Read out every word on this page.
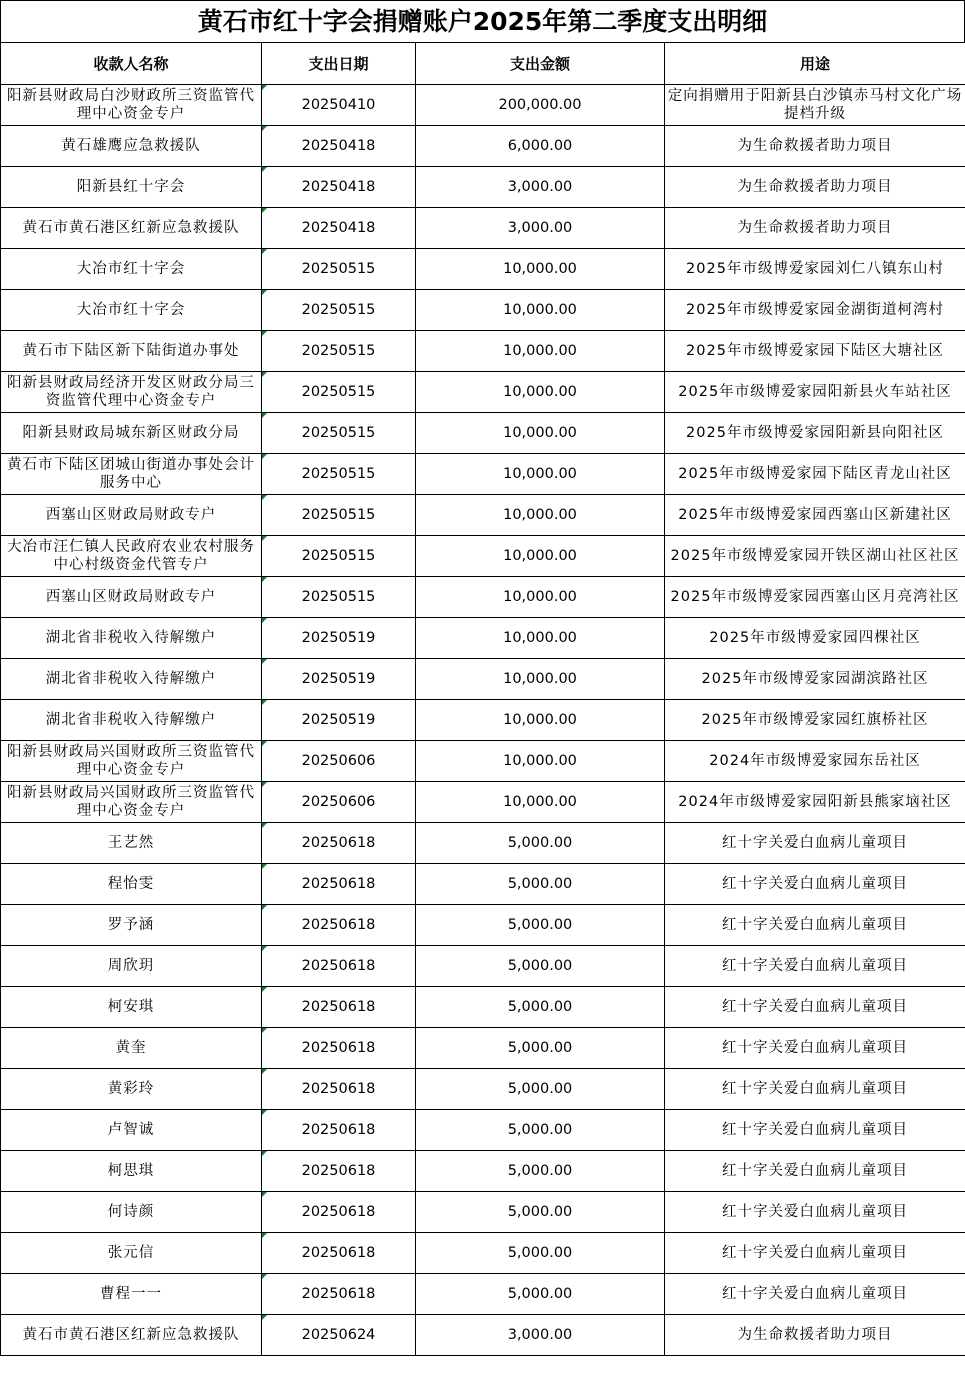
黄石市红十字会捐赠账户2025年第二季度支出明细
收款人名称	支出日期	支出金额	用途
阳新县财政局白沙财政所三资监管代理中心资金专户	20250410	200,000.00	定向捐赠用于阳新县白沙镇赤马村文化广场提档升级
黄石雄鹰应急救援队	20250418	6,000.00	为生命救援者助力项目
阳新县红十字会	20250418	3,000.00	为生命救援者助力项目
黄石市黄石港区红新应急救援队	20250418	3,000.00	为生命救援者助力项目
大冶市红十字会	20250515	10,000.00	2025年市级博爱家园刘仁八镇东山村
大冶市红十字会	20250515	10,000.00	2025年市级博爱家园金湖街道柯湾村
黄石市下陆区新下陆街道办事处	20250515	10,000.00	2025年市级博爱家园下陆区大塘社区
阳新县财政局经济开发区财政分局三资监管代理中心资金专户	20250515	10,000.00	2025年市级博爱家园阳新县火车站社区
阳新县财政局城东新区财政分局	20250515	10,000.00	2025年市级博爱家园阳新县向阳社区
黄石市下陆区团城山街道办事处会计服务中心	20250515	10,000.00	2025年市级博爱家园下陆区青龙山社区
西塞山区财政局财政专户	20250515	10,000.00	2025年市级博爱家园西塞山区新建社区
大冶市汪仁镇人民政府农业农村服务中心村级资金代管专户	20250515	10,000.00	2025年市级博爱家园开铁区湖山社区社区
西塞山区财政局财政专户	20250515	10,000.00	2025年市级博爱家园西塞山区月亮湾社区
湖北省非税收入待解缴户	20250519	10,000.00	2025年市级博爱家园四棵社区
湖北省非税收入待解缴户	20250519	10,000.00	2025年市级博爱家园湖滨路社区
湖北省非税收入待解缴户	20250519	10,000.00	2025年市级博爱家园红旗桥社区
阳新县财政局兴国财政所三资监管代理中心资金专户	20250606	10,000.00	2024年市级博爱家园东岳社区
阳新县财政局兴国财政所三资监管代理中心资金专户	20250606	10,000.00	2024年市级博爱家园阳新县熊家垴社区
王艺然	20250618	5,000.00	红十字关爱白血病儿童项目
程怡雯	20250618	5,000.00	红十字关爱白血病儿童项目
罗予涵	20250618	5,000.00	红十字关爱白血病儿童项目
周欣玥	20250618	5,000.00	红十字关爱白血病儿童项目
柯安琪	20250618	5,000.00	红十字关爱白血病儿童项目
黄奎	20250618	5,000.00	红十字关爱白血病儿童项目
黄彩玲	20250618	5,000.00	红十字关爱白血病儿童项目
卢智诚	20250618	5,000.00	红十字关爱白血病儿童项目
柯思琪	20250618	5,000.00	红十字关爱白血病儿童项目
何诗颜	20250618	5,000.00	红十字关爱白血病儿童项目
张元信	20250618	5,000.00	红十字关爱白血病儿童项目
曹程一一	20250618	5,000.00	红十字关爱白血病儿童项目
黄石市黄石港区红新应急救援队	20250624	3,000.00	为生命救援者助力项目
